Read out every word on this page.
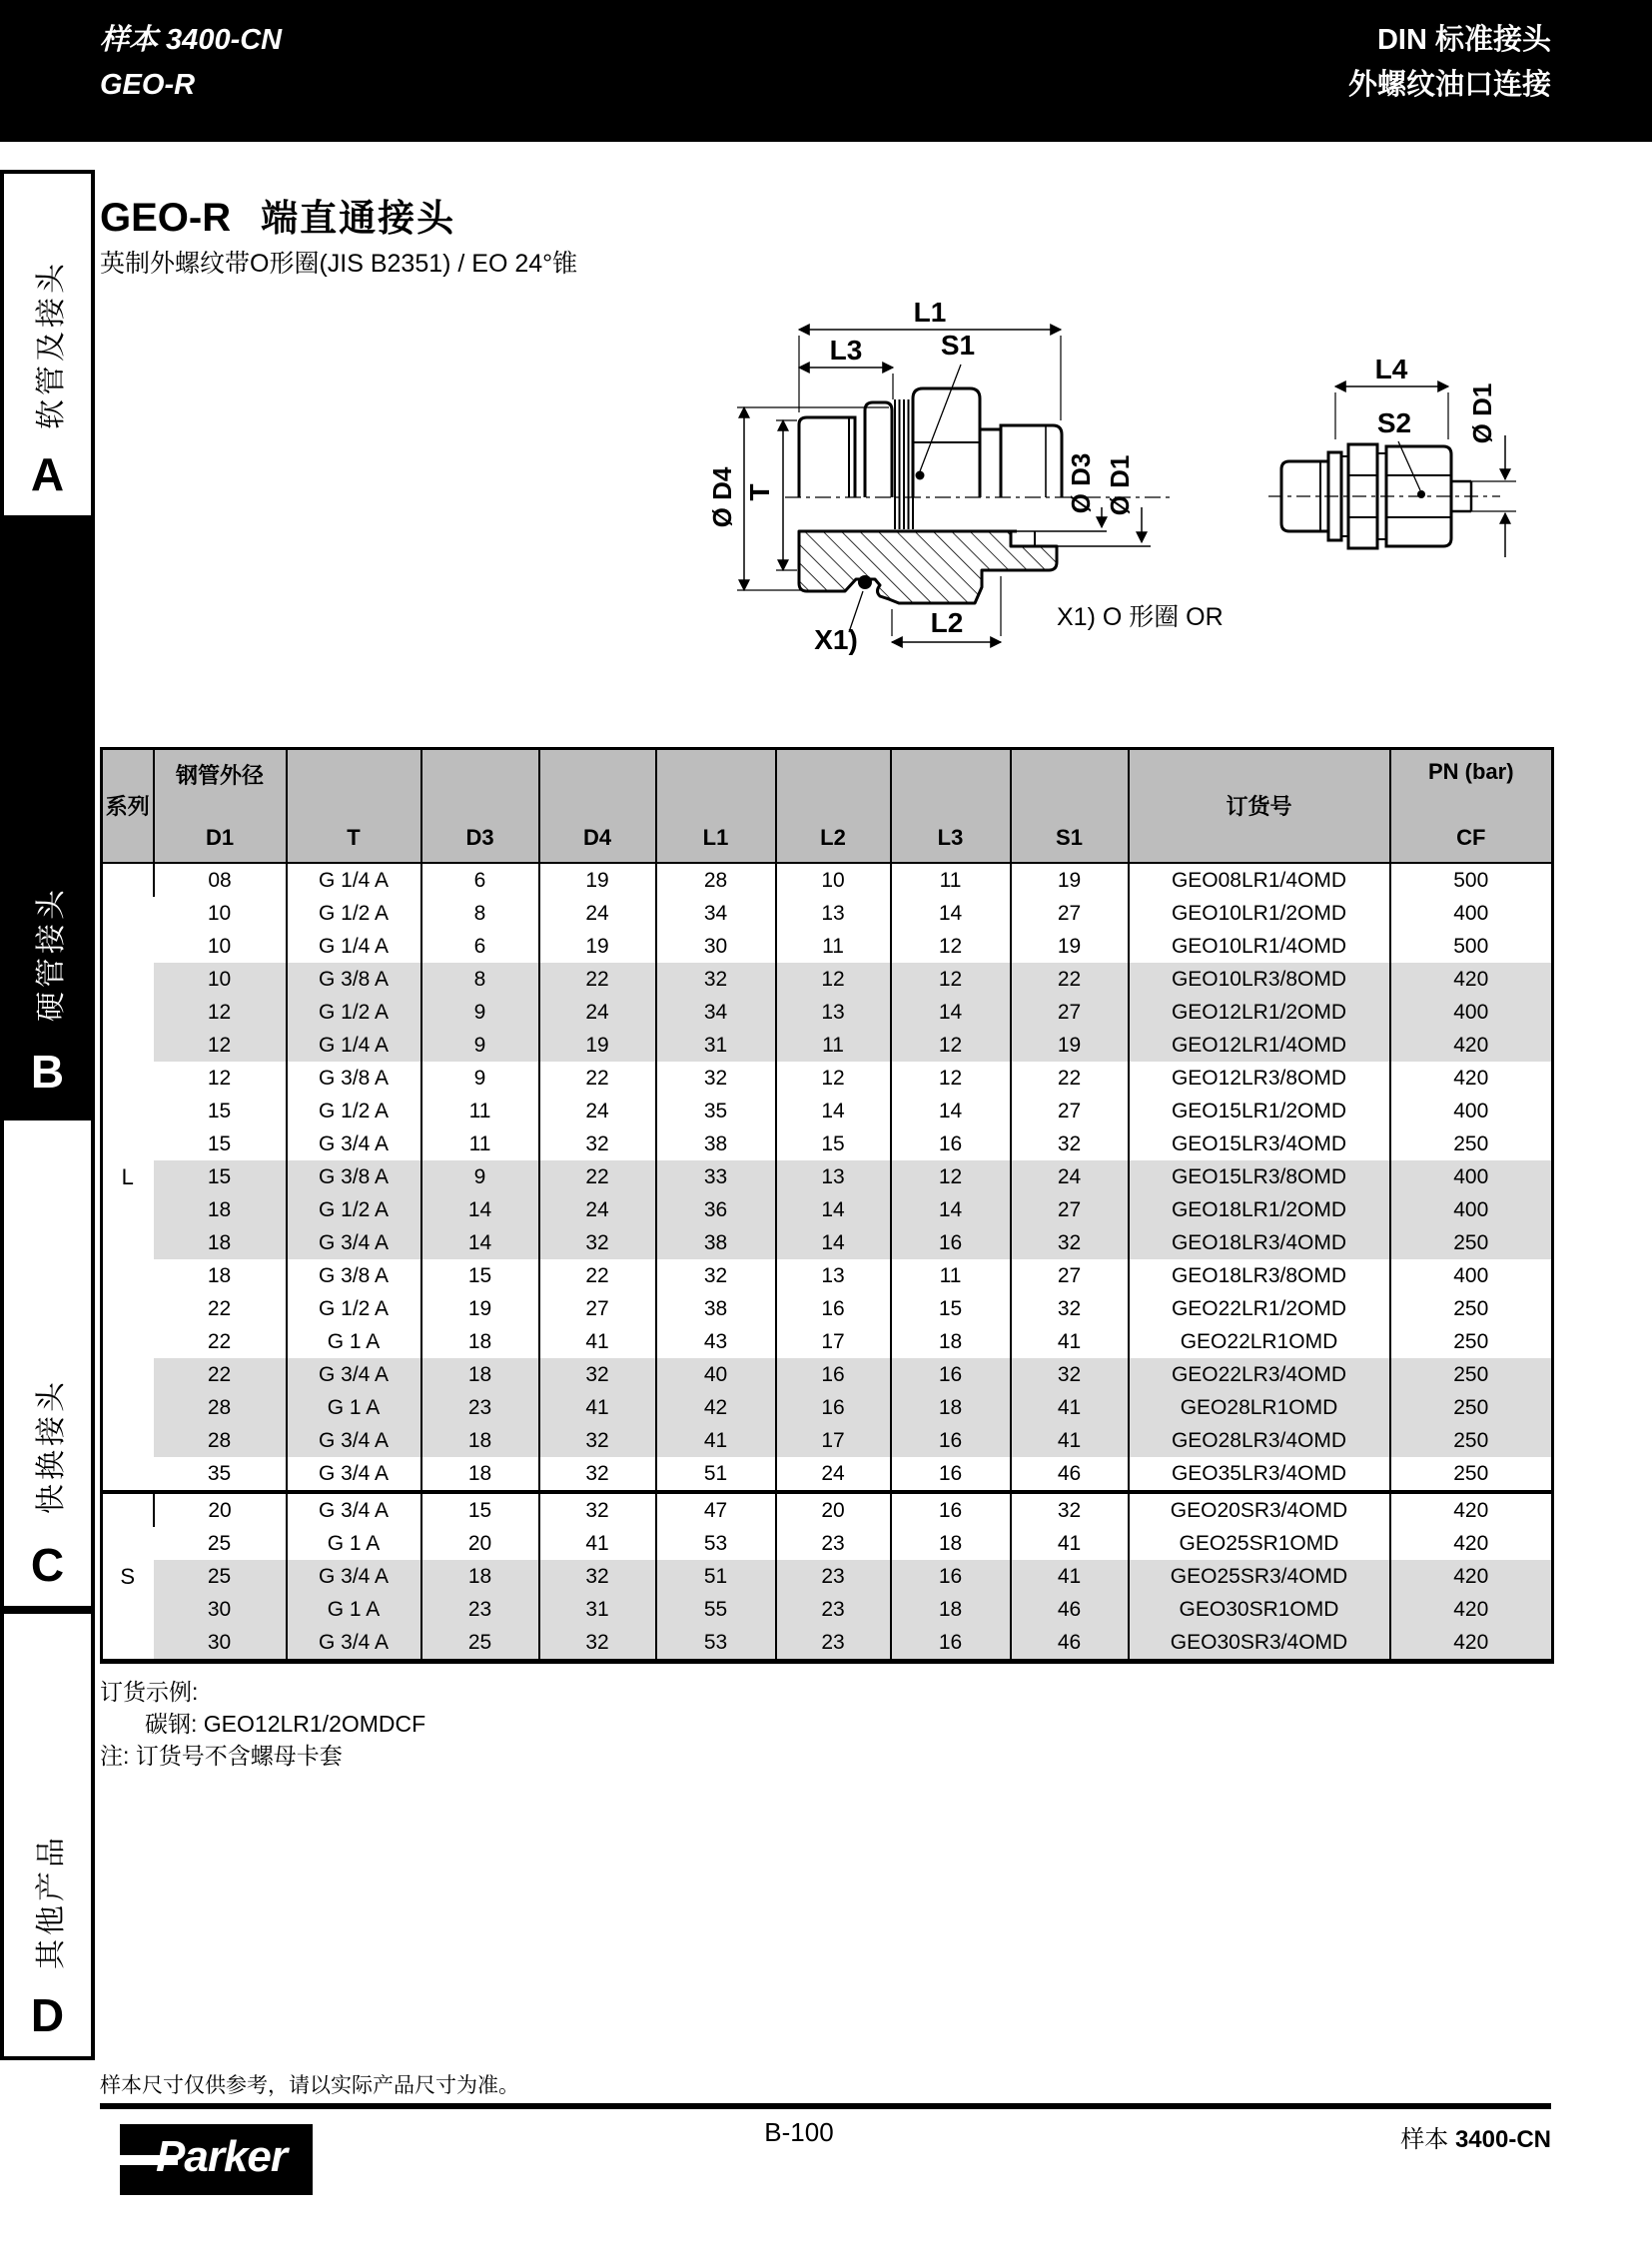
样本 3400-CN
GEO-R
DIN 标准接头
外螺纹油口连接
软管及接头
A
硬管接头
B
快换接头
C
其他产品
D
GEO-R 端直通接头
英制外螺纹带O形圈(JIS B2351) / EO 24°锥
L1
L3	S1
L2
X1)
Ø D4 T	Ø D3 Ø D1
L4
S2 Ø D1
X1) O 形圈 OR
系列

钢管外径
D1	T	D3	D4	L1	L2	L3	S1

订货号

PN (bar)
CF

L	08	G 1/4 A	6	19	28	10	11	19	GEO08LR1/4OMD	500
	10	G 1/2 A	8	24	34	13	14	27	GEO10LR1/2OMD	400
	10	G 1/4 A	6	19	30	11	12	19	GEO10LR1/4OMD	500
	10	G 3/8 A	8	22	32	12	12	22	GEO10LR3/8OMD	420
	12	G 1/2 A	9	24	34	13	14	27	GEO12LR1/2OMD	400
	12	G 1/4 A	9	19	31	11	12	19	GEO12LR1/4OMD	420
	12	G 3/8 A	9	22	32	12	12	22	GEO12LR3/8OMD	420
	15	G 1/2 A	11	24	35	14	14	27	GEO15LR1/2OMD	400
	15	G 3/4 A	11	32	38	15	16	32	GEO15LR3/4OMD	250
	15	G 3/8 A	9	22	33	13	12	24	GEO15LR3/8OMD	400
	18	G 1/2 A	14	24	36	14	14	27	GEO18LR1/2OMD	400
	18	G 3/4 A	14	32	38	14	16	32	GEO18LR3/4OMD	250
	18	G 3/8 A	15	22	32	13	11	27	GEO18LR3/8OMD	400
	22	G 1/2 A	19	27	38	16	15	32	GEO22LR1/2OMD	250
	22	G 1 A	18	41	43	17	18	41	GEO22LR1OMD	250
	22	G 3/4 A	18	32	40	16	16	32	GEO22LR3/4OMD	250
	28	G 1 A	23	41	42	16	18	41	GEO28LR1OMD	250
	28	G 3/4 A	18	32	41	17	16	41	GEO28LR3/4OMD	250
	35	G 3/4 A	18	32	51	24	16	46	GEO35LR3/4OMD	250
S	20	G 3/4 A	15	32	47	20	16	32	GEO20SR3/4OMD	420
	25	G 1 A	20	41	53	23	18	41	GEO25SR1OMD	420
	25	G 3/4 A	18	32	51	23	16	41	GEO25SR3/4OMD	420
	30	G 1 A	23	31	55	23	18	46	GEO30SR1OMD	420
	30	G 3/4 A	25	32	53	23	16	46	GEO30SR3/4OMD	420
订货示例:
碳钢: GEO12LR1/2OMDCF
注: 订货号不含螺母卡套
样本尺寸仅供参考，请以实际产品尺寸为准。
Parker	B-100	样本 3400-CN
